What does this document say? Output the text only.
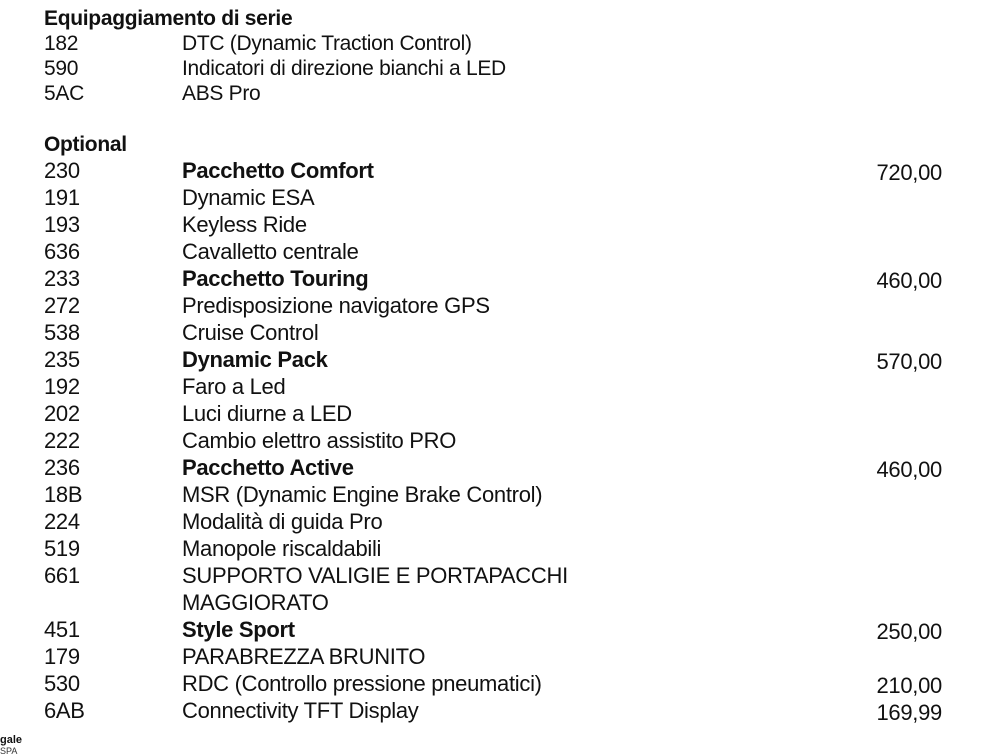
Equipaggiamento di serie
182	DTC (Dynamic Traction Control)
590	Indicatori di direzione bianchi a LED
5AC	ABS Pro
Optional
230	Pacchetto Comfort	720,00
191	Dynamic ESA
193	Keyless Ride
636	Cavalletto centrale
233	Pacchetto Touring	460,00
272	Predisposizione navigatore GPS
538	Cruise Control
235	Dynamic Pack	570,00
192	Faro a Led
202	Luci diurne a LED
222	Cambio elettro assistito PRO
236	Pacchetto Active	460,00
18B	MSR (Dynamic Engine Brake Control)
224	Modalità di guida Pro
519	Manopole riscaldabili
661	SUPPORTO VALIGIE E PORTAPACCHI MAGGIORATO
451	Style Sport	250,00
179	PARABREZZA BRUNITO
530	RDC (Controllo pressione pneumatici)	210,00
6AB	Connectivity TFT Display	169,99
gale
SPA
